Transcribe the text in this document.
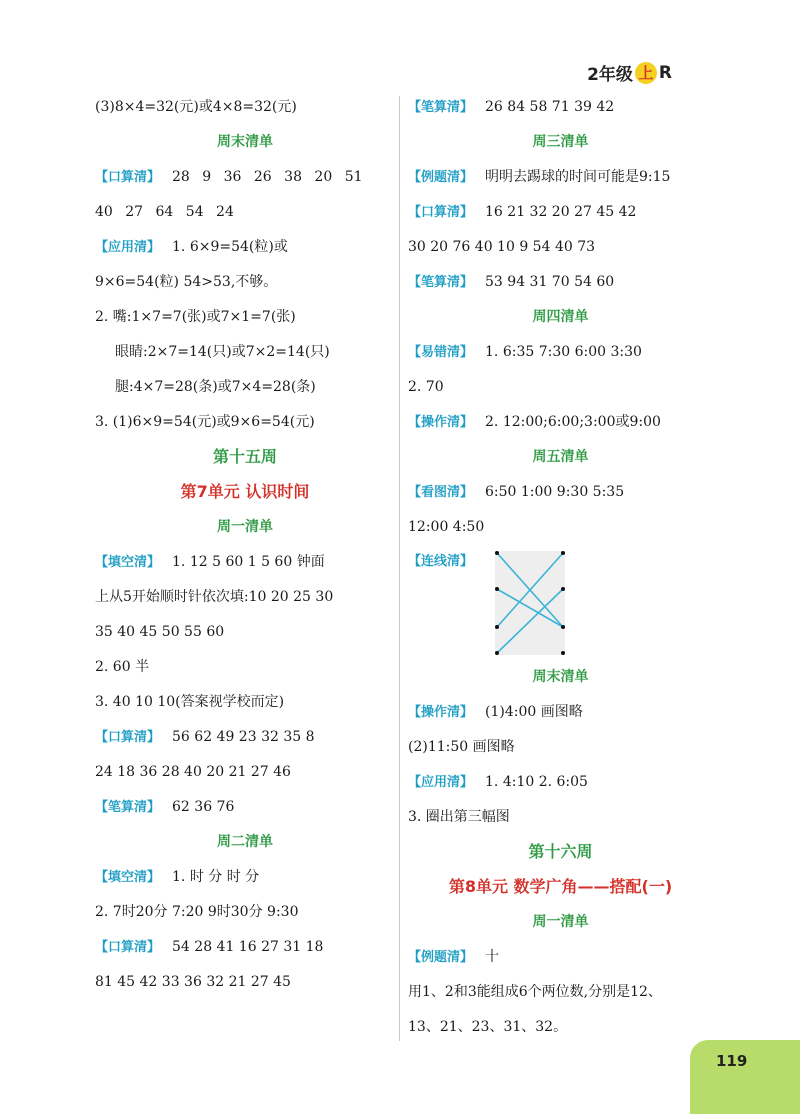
2年级 上 R
(3)8×4=32(元)或4×8=32(元)
周末清单
【口算清】 28 9 36 26 38 20 51
40 27 64 54 24
【应用清】 1. 6×9=54(粒)或
9×6=54(粒) 54>53,不够。
2. 嘴:1×7=7(张)或7×1=7(张)
眼睛:2×7=14(只)或7×2=14(只)
腿:4×7=28(条)或7×4=28(条)
3. (1)6×9=54(元)或9×6=54(元)
第十五周
第7单元 认识时间
周一清单
【填空清】 1. 12 5 60 1 5 60 钟面
上从5开始顺时针依次填:10 20 25 30
35 40 45 50 55 60
2. 60 半
3. 40 10 10(答案视学校而定)
【口算清】 56 62 49 23 32 35 8
24 18 36 28 40 20 21 27 46
【笔算清】 62 36 76
周二清单
【填空清】 1. 时 分 时 分
2. 7时20分 7:20 9时30分 9:30
【口算清】 54 28 41 16 27 31 18
81 45 42 33 36 32 21 27 45
【笔算清】 26 84 58 71 39 42
周三清单
【例题清】 明明去踢球的时间可能是9:15
【口算清】 16 21 32 20 27 45 42
30 20 76 40 10 9 54 40 73
【笔算清】 53 94 31 70 54 60
周四清单
【易错清】 1. 6:35 7:30 6:00 3:30
2. 70
【操作清】 2. 12:00;6:00;3:00或9:00
周五清单
【看图清】 6:50 1:00 9:30 5:35
12:00 4:50
【连线清】
周末清单
【操作清】 (1)4:00 画图略
(2)11:50 画图略
【应用清】 1. 4:10 2. 6:05
3. 圈出第三幅图
第十六周
第8单元 数学广角——搭配(一)
周一清单
【例题清】 十
用1、2和3能组成6个两位数,分别是12、
13、21、23、31、32。
119
